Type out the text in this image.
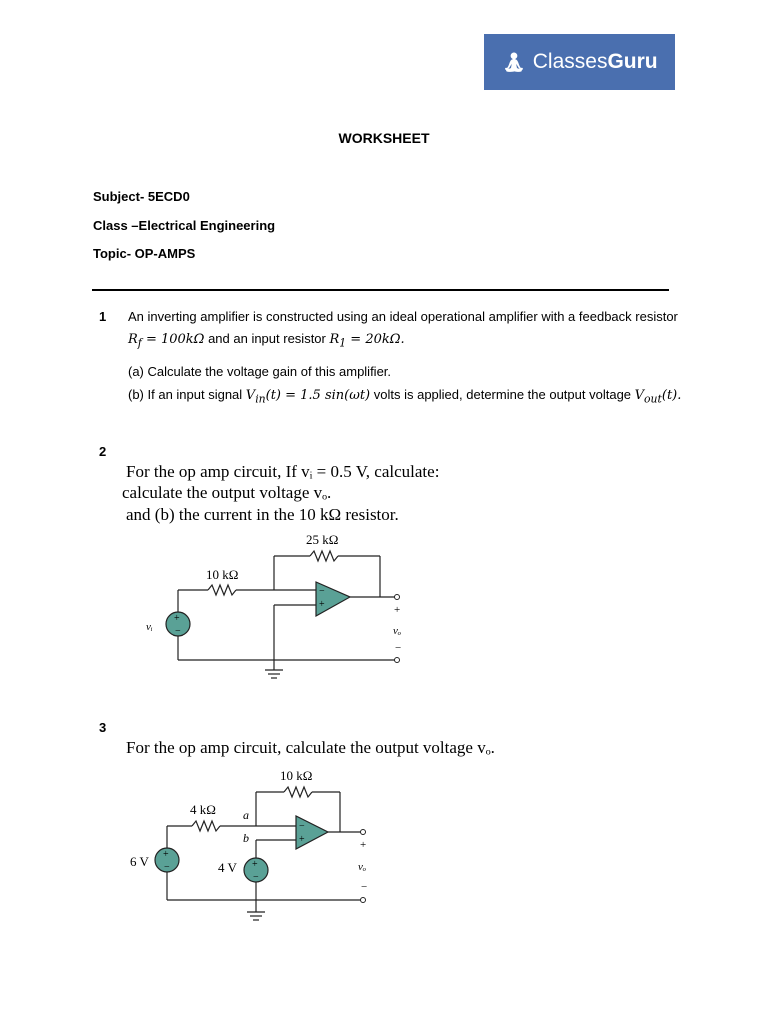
🧘︎ ClassesGuru
WORKSHEET
Subject- 5ECD0
Class –Electrical Engineering
Topic- OP-AMPS
1 An inverting amplifier is constructed using an ideal operational amplifier with a feedback resistor
$R_f = 100k\Omega$ and an input resistor $R_1 = 20k\Omega$.
(a) Calculate the voltage gain of this amplifier.
(b) If an input signal $V_{in}(t) = 1.5$ sin(ωt) volts is applied, determine the output voltage $V_{out}(t)$.
2
For the op amp circuit, If vᵢ = 0.5 V, calculate:
calculate the output voltage vₒ.
and (b) the current in the 10 kΩ resistor.
+
−
−
+	+
−
25 kΩ
10 kΩ
vᵢ	vₒ
3
For the op amp circuit, calculate the output voltage vₒ.
+
−	+
−
−
+	+
−
10 kΩ
4 kΩ a
b
6 V	4 V	vₒ
